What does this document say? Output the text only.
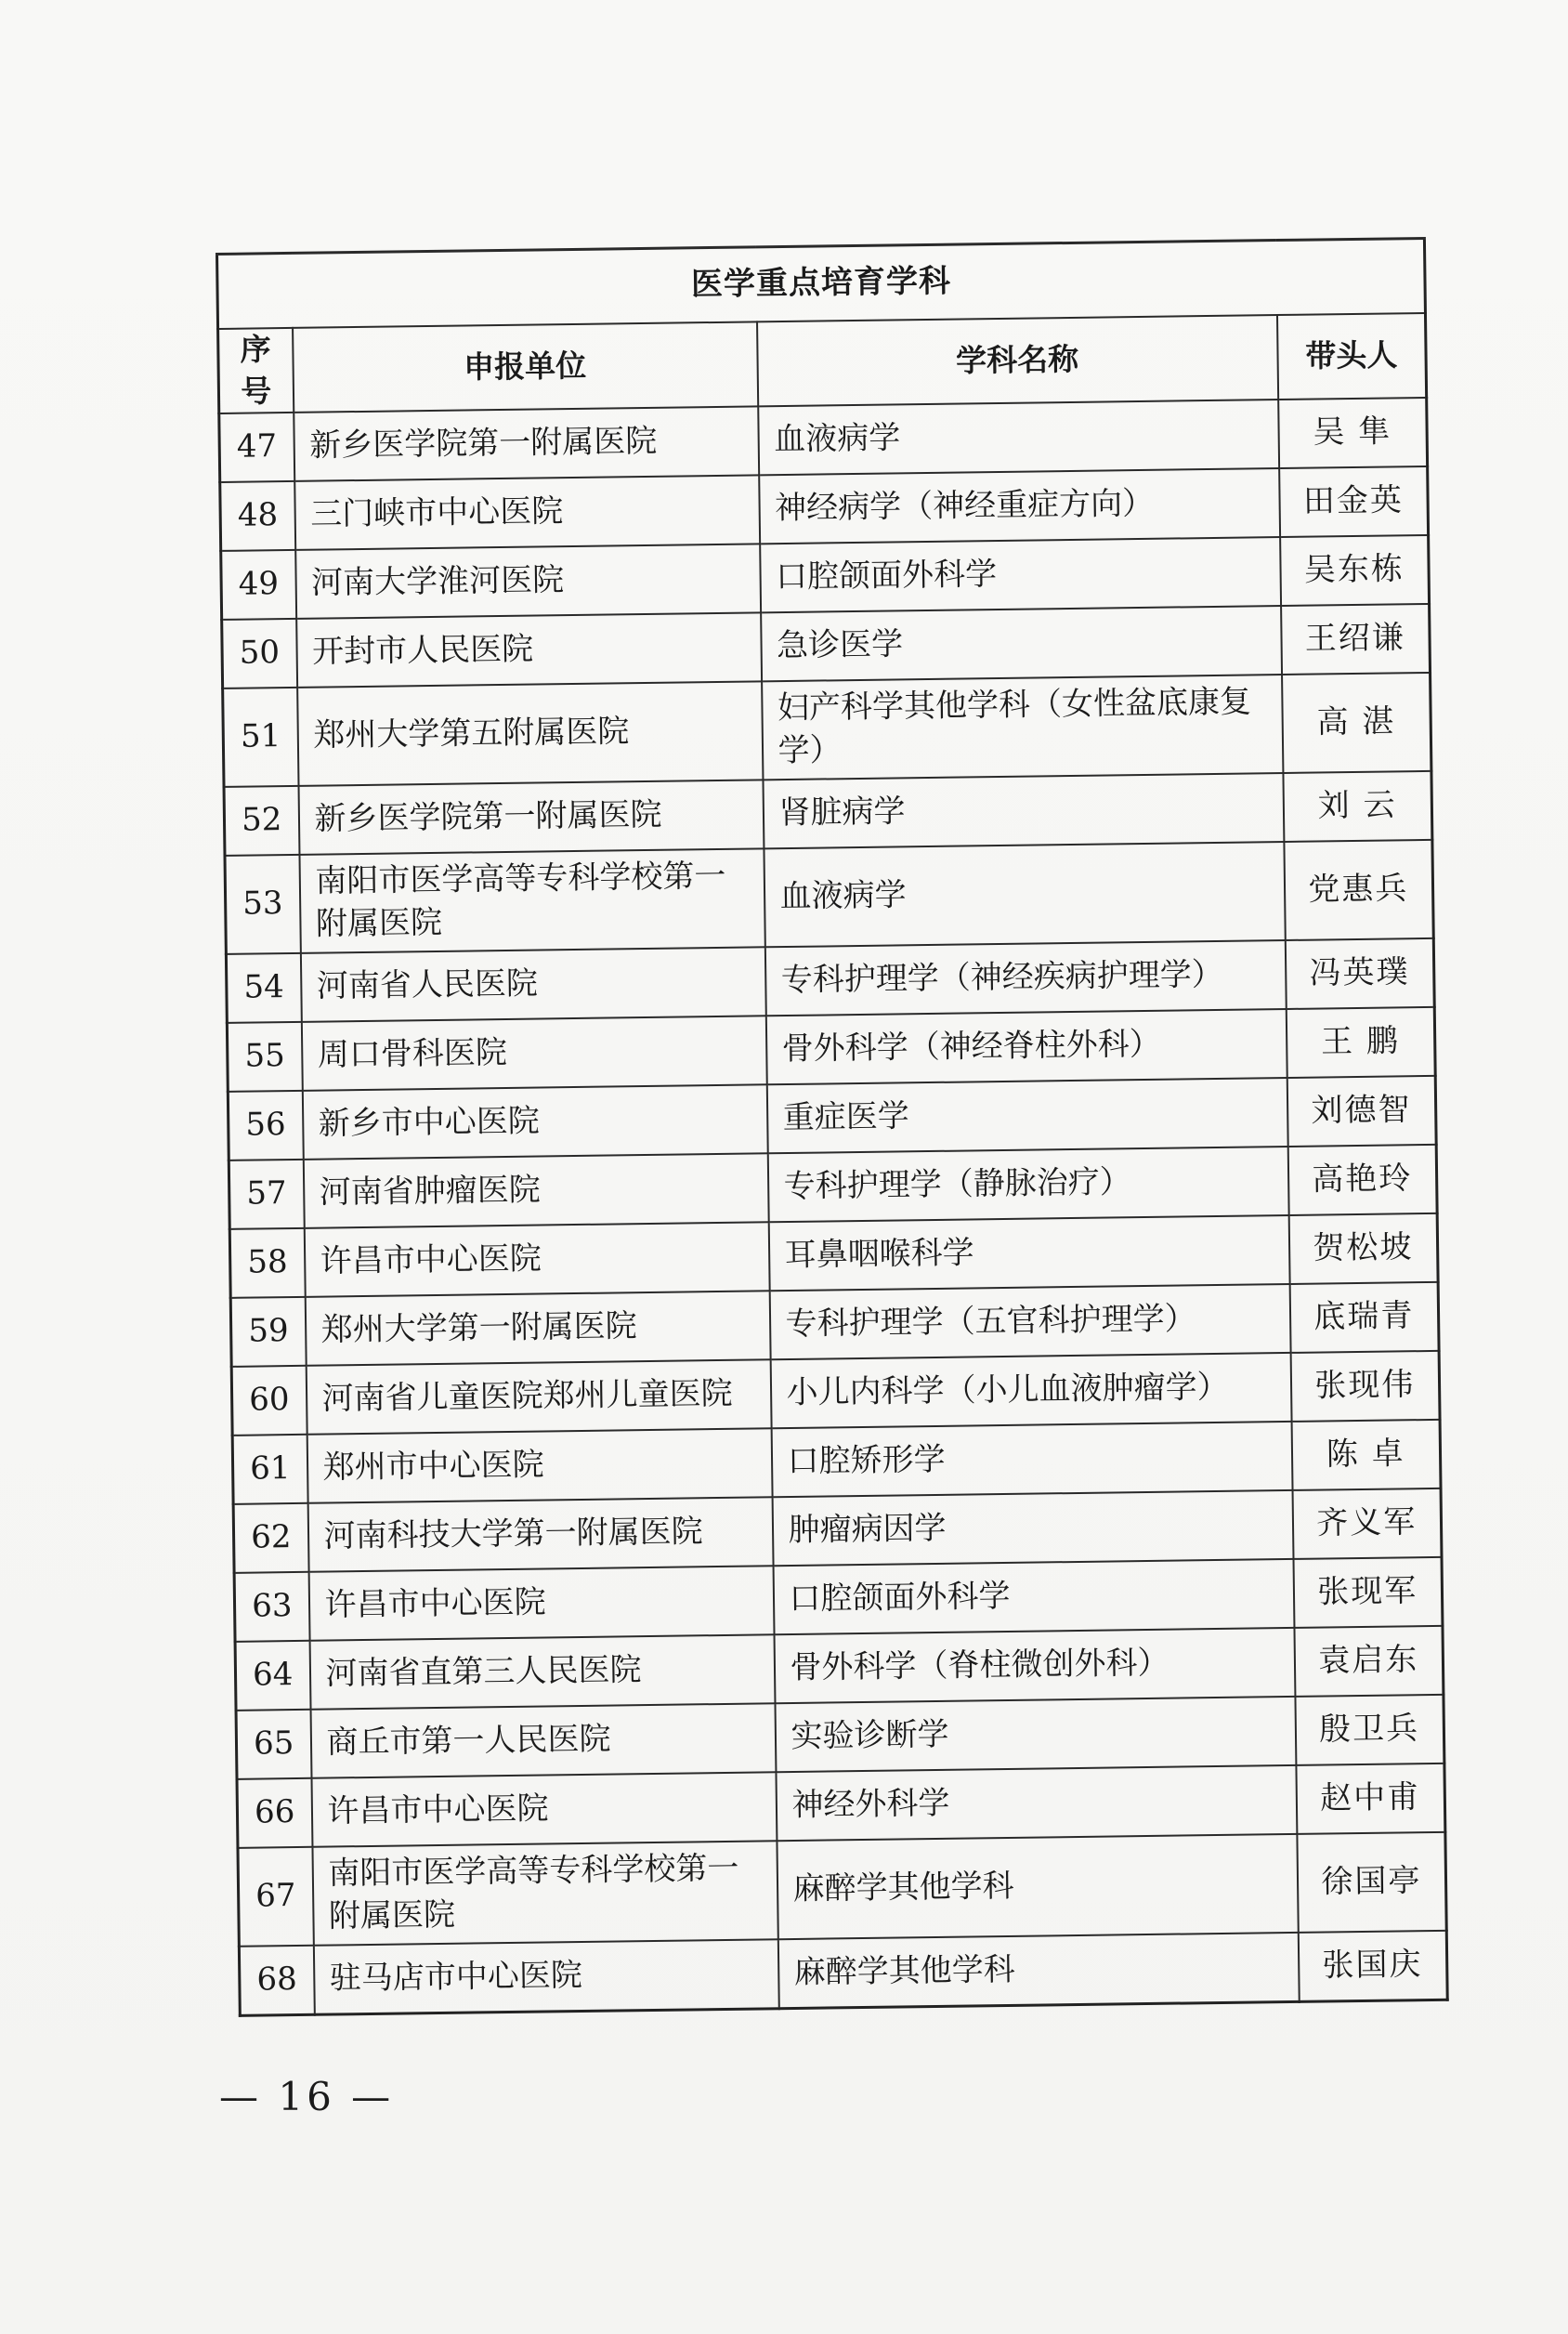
医学重点培育学科			
序号	申报单位	学科名称	带头人
47	新乡医学院第一附属医院	血液病学	吴 隼
48	三门峡市中心医院	神经病学（神经重症方向）	田金英
49	河南大学淮河医院	口腔颌面外科学	吴东栋
50	开封市人民医院	急诊医学	王绍谦
51	郑州大学第五附属医院	妇产科学其他学科（女性盆底康复学）	高 湛
52	新乡医学院第一附属医院	肾脏病学	刘 云
53	南阳市医学高等专科学校第一附属医院	血液病学	党惠兵
54	河南省人民医院	专科护理学（神经疾病护理学）	冯英璞
55	周口骨科医院	骨外科学（神经脊柱外科）	王 鹏
56	新乡市中心医院	重症医学	刘德智
57	河南省肿瘤医院	专科护理学（静脉治疗）	高艳玲
58	许昌市中心医院	耳鼻咽喉科学	贺松坡
59	郑州大学第一附属医院	专科护理学（五官科护理学）	底瑞青
60	河南省儿童医院郑州儿童医院	小儿内科学（小儿血液肿瘤学）	张现伟
61	郑州市中心医院	口腔矫形学	陈 卓
62	河南科技大学第一附属医院	肿瘤病因学	齐义军
63	许昌市中心医院	口腔颌面外科学	张现军
64	河南省直第三人民医院	骨外科学（脊柱微创外科）	袁启东
65	商丘市第一人民医院	实验诊断学	殷卫兵
66	许昌市中心医院	神经外科学	赵中甫
67	南阳市医学高等专科学校第一附属医院	麻醉学其他学科	徐国亭
68	驻马店市中心医院	麻醉学其他学科	张国庆
— 16 —
